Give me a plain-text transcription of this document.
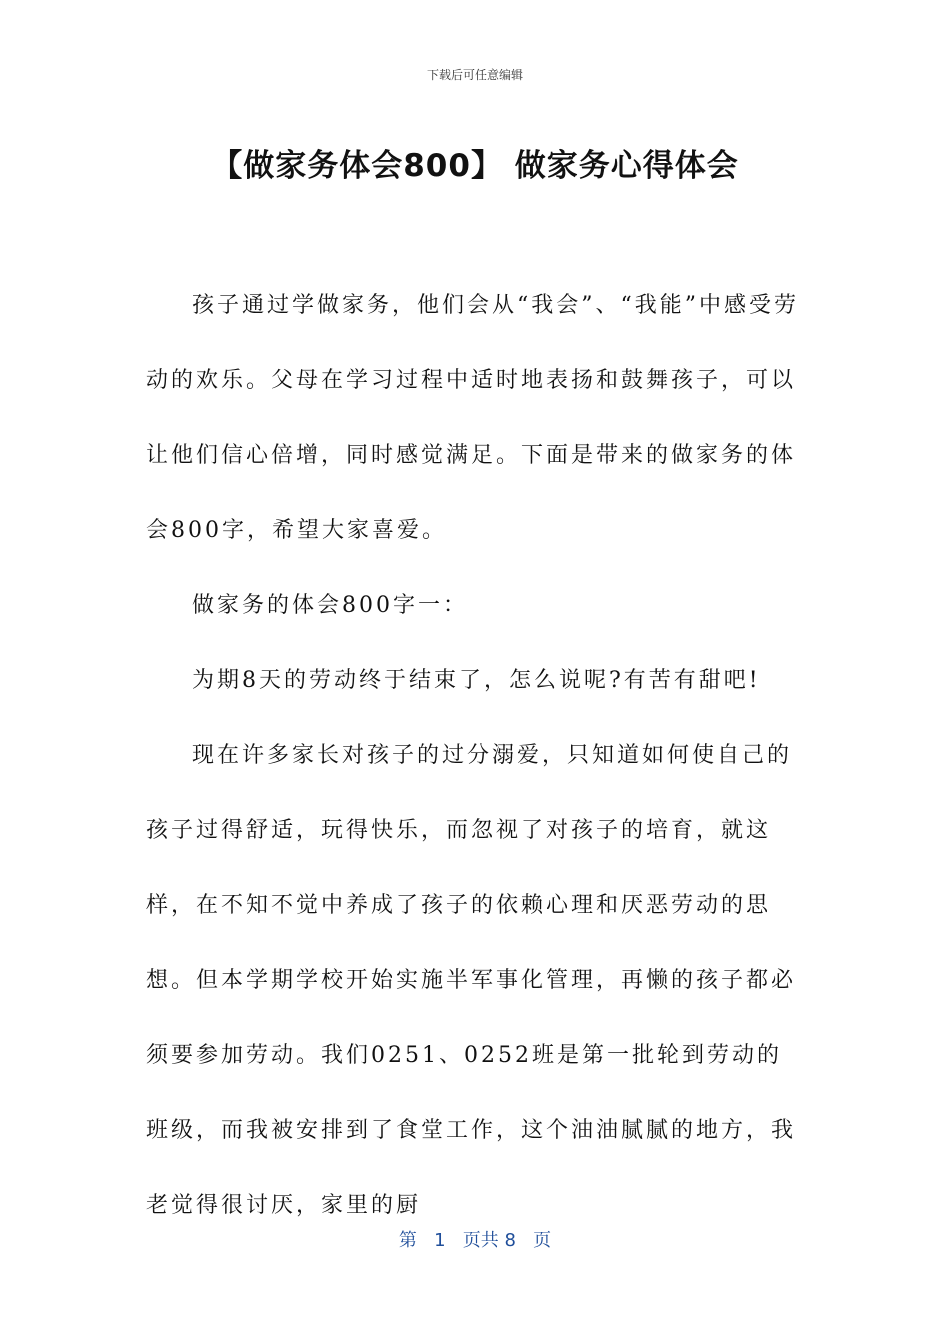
下载后可任意编辑
【做家务体会800】 做家务心得体会

孩子通过学做家务，他们会从“我会”、“我能”中感受劳动的欢乐。父母在学习过程中适时地表扬和鼓舞孩子，可以让他们信心倍增，同时感觉满足。下面是带来的做家务的体会800字，希望大家喜爱。

做家务的体会800字一：

为期8天的劳动终于结束了，怎么说呢?有苦有甜吧!

现在许多家长对孩子的过分溺爱，只知道如何使自己的孩子过得舒适，玩得快乐，而忽视了对孩子的培育，就这样，在不知不觉中养成了孩子的依赖心理和厌恶劳动的思想。但本学期学校开始实施半军事化管理，再懒的孩子都必须要参加劳动。我们0251、0252班是第一批轮到劳动的班级，而我被安排到了食堂工作，这个油油腻腻的地方，我老觉得很讨厌，家里的厨

第 1 页共 8 页
